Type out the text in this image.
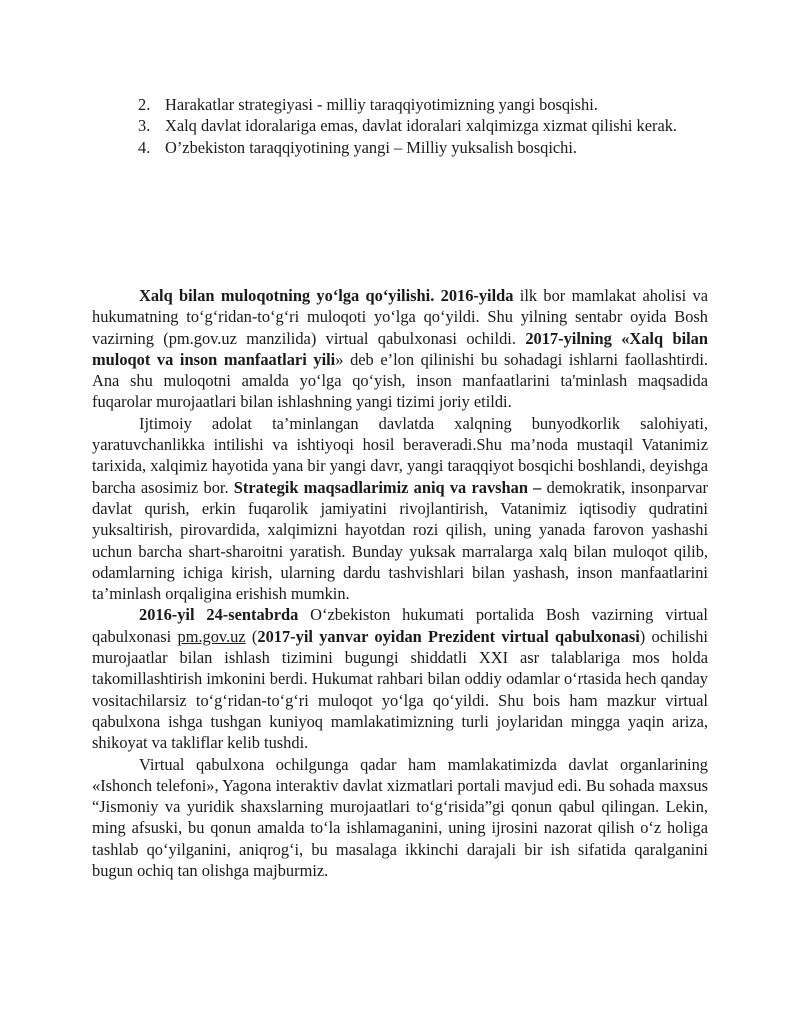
2. Harakatlar strategiyasi - milliy taraqqiyotimizning yangi bosqishi.
3. Xalq davlat idoralariga emas, davlat idoralari xalqimizga xizmat qilishi kerak.
4. O’zbekiston taraqqiyotining yangi – Milliy yuksalish bosqichi.

Xalq bilan muloqotning yo‘lga qo‘yilishi. 2016-yilda ilk bor mamlakat aholisi va hukumatning to‘g‘ridan-to‘g‘ri muloqoti yo‘lga qo‘yildi. Shu yilning sentabr oyida Bosh vazirning (pm.gov.uz manzilida) virtual qabulxonasi ochildi. 2017-yilning «Xalq bilan muloqot va inson manfaatlari yili» deb e’lon qilinishi bu sohadagi ishlarni faollashtirdi. Ana shu muloqotni amalda yo‘lga qo‘yish, inson manfaatlarini ta'minlash maqsadida fuqarolar murojaatlari bilan ishlashning yangi tizimi joriy etildi.

Ijtimoiy adolat ta’minlangan davlatda xalqning bunyodkorlik salohiyati, yaratuvchanlikka intilishi va ishtiyoqi hosil beraveradi.Shu ma’noda mustaqil Vatanimiz tarixida, xalqimiz hayotida yana bir yangi davr, yangi taraqqiyot bosqichi boshlandi, deyishga barcha asosimiz bor. Strategik maqsadlarimiz aniq va ravshan – demokratik, insonparvar davlat qurish, erkin fuqarolik jamiyatini rivojlantirish, Vatanimiz iqtisodiy qudratini yuksaltirish, pirovardida, xalqimizni hayotdan rozi qilish, uning yanada farovon yashashi uchun barcha shart-sharoitni yaratish. Bunday yuksak marralarga xalq bilan muloqot qilib, odamlarning ichiga kirish, ularning dardu tashvishlari bilan yashash, inson manfaatlarini ta’minlash orqaligina erishish mumkin.

2016-yil 24-sentabrda O‘zbekiston hukumati portalida Bosh vazirning virtual qabulxonasi pm.gov.uz (2017-yil yanvar oyidan Prezident virtual qabulxonasi) ochilishi murojaatlar bilan ishlash tizimini bugungi shiddatli XXI asr talablariga mos holda takomillashtirish imkonini berdi. Hukumat rahbari bilan oddiy odamlar o‘rtasida hech qanday vositachilarsiz to‘g‘ridan-to‘g‘ri muloqot yo‘lga qo‘yildi. Shu bois ham mazkur virtual qabulxona ishga tushgan kuniyoq mamlakatimizning turli joylaridan mingga yaqin ariza, shikoyat va takliflar kelib tushdi.

Virtual qabulxona ochilgunga qadar ham mamlakatimizda davlat organlarining «Ishonch telefoni», Yagona interaktiv davlat xizmatlari portali mavjud edi. Bu sohada maxsus “Jismoniy va yuridik shaxslarning murojaatlari to‘g‘risida”gi qonun qabul qilingan. Lekin, ming afsuski, bu qonun amalda to‘la ishlamaganini, uning ijrosini nazorat qilish o‘z holiga tashlab qo‘yilganini, aniqrog‘i, bu masalaga ikkinchi darajali bir ish sifatida qaralganini bugun ochiq tan olishga majburmiz.
